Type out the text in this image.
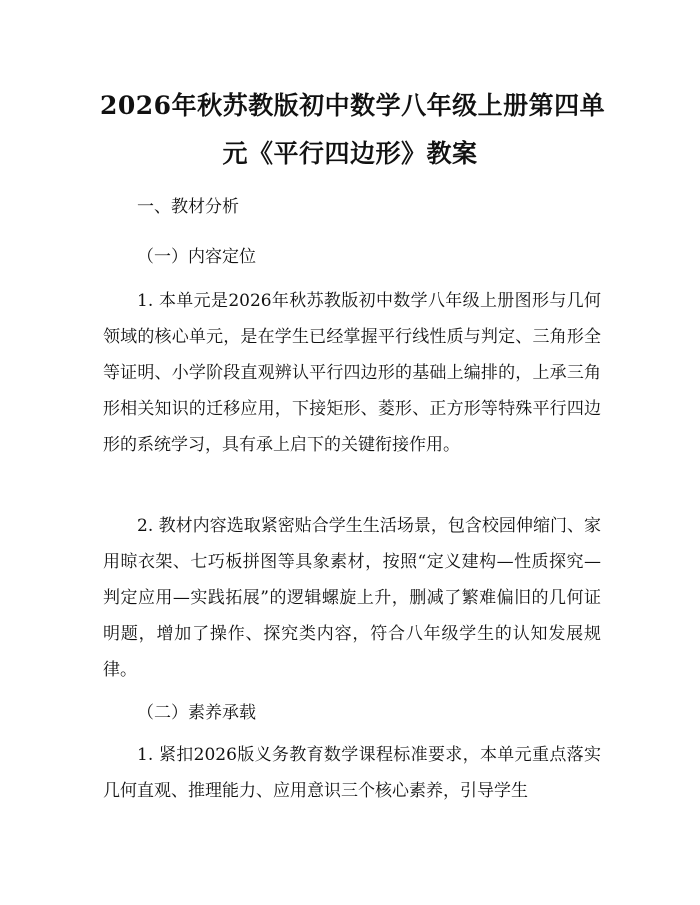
2026年秋苏教版初中数学八年级上册第四单
元《平行四边形》教案

一、教材分析

（一）内容定位

1. 本单元是2026年秋苏教版初中数学八年级上册图形与几何领域的核心单元，是在学生已经掌握平行线性质与判定、三角形全等证明、小学阶段直观辨认平行四边形的基础上编排的，上承三角形相关知识的迁移应用，下接矩形、菱形、正方形等特殊平行四边形的系统学习，具有承上启下的关键衔接作用。

2. 教材内容选取紧密贴合学生生活场景，包含校园伸缩门、家用晾衣架、七巧板拼图等具象素材，按照“定义建构—性质探究—判定应用—实践拓展”的逻辑螺旋上升，删减了繁难偏旧的几何证明题，增加了操作、探究类内容，符合八年级学生的认知发展规律。

（二）素养承载

1. 紧扣2026版义务教育数学课程标准要求，本单元重点落实几何直观、推理能力、应用意识三个核心素养，引导学生
